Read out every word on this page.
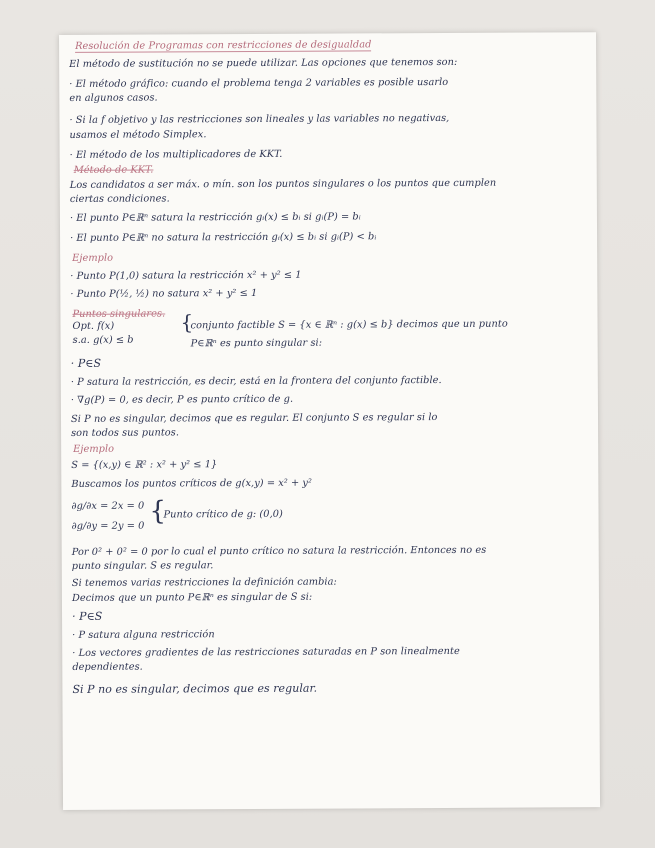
Resolución de Programas con restricciones de desigualdad
El método de sustitución no se puede utilizar. Las opciones que tenemos son:
· El método gráfico: cuando el problema tenga 2 variables es posible usarlo
en algunos casos.
· Si la f objetivo y las restricciones son lineales y las variables no negativas,
usamos el método Simplex.
· El método de los multiplicadores de KKT.
Método de KKT.
Los candidatos a ser máx. o mín. son los puntos singulares o los puntos que cumplen
ciertas condiciones.
· El punto P∈ℝⁿ satura la restricción gᵢ(x) ≤ bᵢ si gᵢ(P) = bᵢ
· El punto P∈ℝⁿ no satura la restricción gᵢ(x) ≤ bᵢ si gᵢ(P) < bᵢ
Ejemplo
· Punto P(1,0) satura la restricción x² + y² ≤ 1
· Punto P(½, ½) no satura x² + y² ≤ 1
Puntos singulares.
Opt. f(x)	{
conjunto factible S = {x ∈ ℝⁿ : g(x) ≤ b} decimos que un punto
s.a. g(x) ≤ b	P∈ℝⁿ es punto singular si:
· P∈S
· P satura la restricción, es decir, está en la frontera del conjunto factible.
· ∇g(P) = 0, es decir, P es punto crítico de g.
Si P no es singular, decimos que es regular. El conjunto S es regular si lo
son todos sus puntos.
Ejemplo
S = {(x,y) ∈ ℝ² : x² + y² ≤ 1}
Buscamos los puntos críticos de g(x,y) = x² + y²
∂g/∂x = 2x = 0
∂g/∂y = 2y = 0 {
Punto crítico de g: (0,0)
Por 0² + 0² = 0 por lo cual el punto crítico no satura la restricción. Entonces no es
punto singular. S es regular.
Si tenemos varias restricciones la definición cambia:
Decimos que un punto P∈ℝⁿ es singular de S si:
· P∈S
· P satura alguna restricción
· Los vectores gradientes de las restricciones saturadas en P son linealmente
dependientes.
Si P no es singular, decimos que es regular.
